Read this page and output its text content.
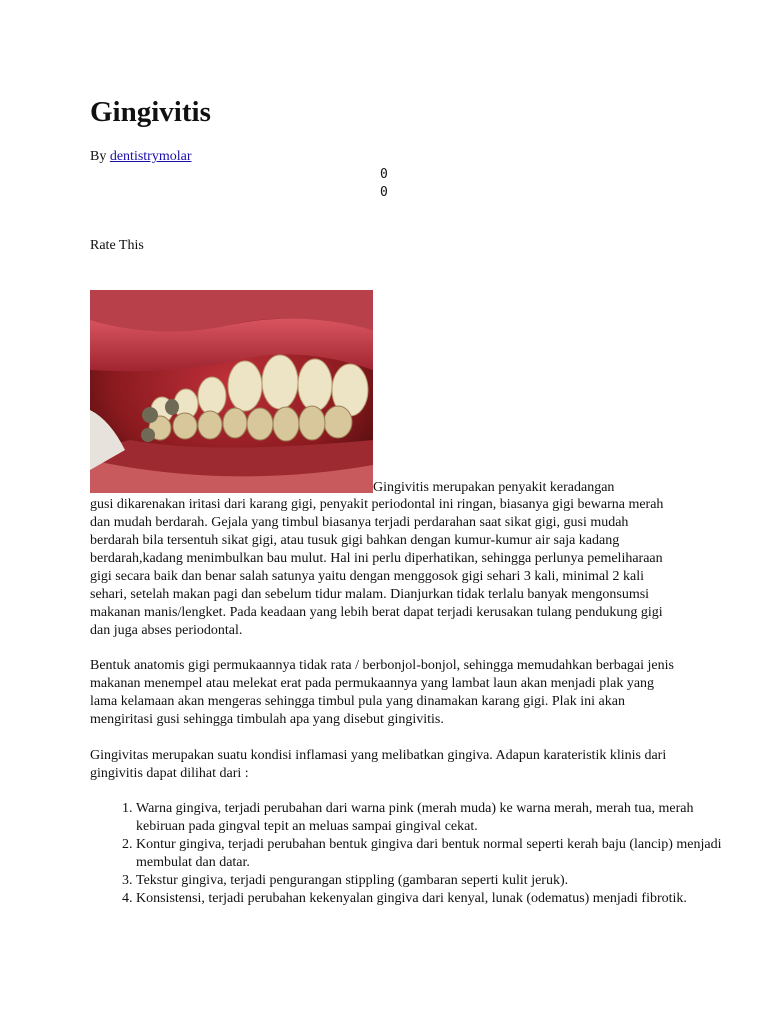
Gingivitis
By dentistrymolar
0
0
Rate This
Gingivitis merupakan penyakit keradangan

gusi dikarenakan iritasi dari karang gigi, penyakit periodontal ini ringan, biasanya gigi bewarna merah dan mudah berdarah. Gejala yang timbul biasanya terjadi perdarahan saat sikat gigi, gusi mudah berdarah bila tersentuh sikat gigi, atau tusuk gigi bahkan dengan kumur-kumur air saja kadang berdarah,kadang menimbulkan bau mulut. Hal ini perlu diperhatikan, sehingga perlunya pemeliharaan gigi secara baik dan benar salah satunya yaitu dengan menggosok gigi sehari 3 kali, minimal 2 kali sehari, setelah makan pagi dan sebelum tidur malam. Dianjurkan tidak terlalu banyak mengonsumsi makanan manis/lengket. Pada keadaan yang lebih berat dapat terjadi kerusakan tulang pendukung gigi dan juga abses periodontal.

Bentuk anatomis gigi permukaannya tidak rata / berbonjol-bonjol, sehingga memudahkan berbagai jenis makanan menempel atau melekat erat pada permukaannya yang lambat laun akan menjadi plak yang lama kelamaan akan mengeras sehingga timbul pula yang dinamakan karang gigi. Plak ini akan mengiritasi gusi sehingga timbulah apa yang disebut gingivitis.

Gingivitas merupakan suatu kondisi inflamasi yang melibatkan gingiva. Adapun karateristik klinis dari gingivitis dapat dilihat dari :

1. Warna gingiva, terjadi perubahan dari warna pink (merah muda) ke warna merah, merah tua, merah kebiruan pada gingval tepit an meluas sampai gingival cekat.
2. Kontur gingiva, terjadi perubahan bentuk gingiva dari bentuk normal seperti kerah baju (lancip) menjadi membulat dan datar.
3. Tekstur gingiva, terjadi pengurangan stippling (gambaran seperti kulit jeruk).
4. Konsistensi, terjadi perubahan kekenyalan gingiva dari kenyal, lunak (odematus) menjadi fibrotik.
